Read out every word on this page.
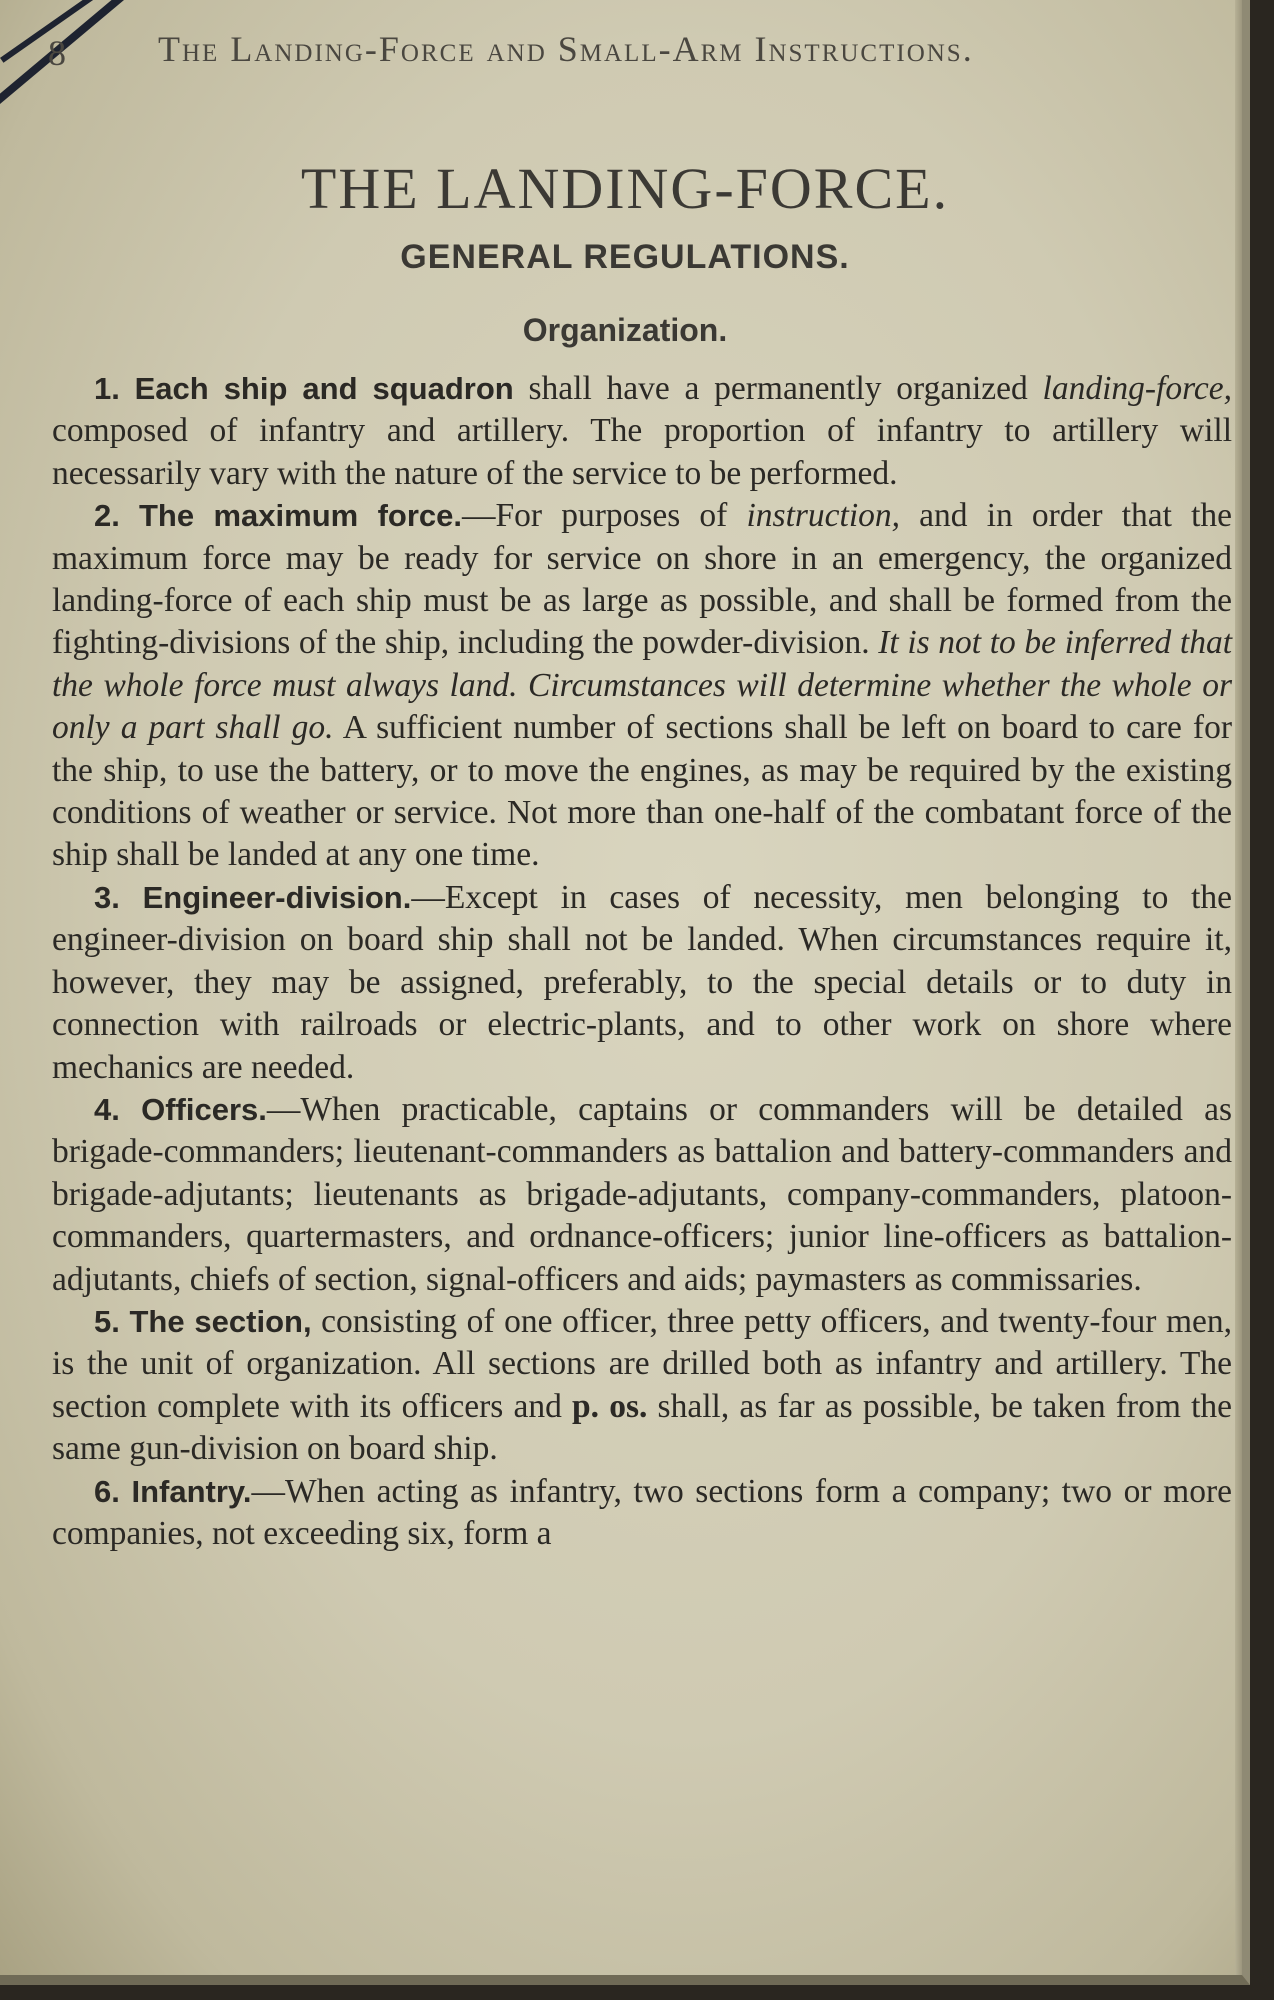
8	The Landing-Force and Small-Arm Instructions.
THE LANDING-FORCE.
GENERAL REGULATIONS.
Organization.

1. Each ship and squadron shall have a permanently organized landing-force, composed of infantry and artillery. The proportion of infantry to artillery will necessarily vary with the nature of the service to be performed.

2. The maximum force.—For purposes of instruction, and in order that the maximum force may be ready for service on shore in an emergency, the organized landing-force of each ship must be as large as possible, and shall be formed from the fighting-divisions of the ship, including the powder-division. It is not to be inferred that the whole force must always land. Circumstances will determine whether the whole or only a part shall go. A sufficient number of sections shall be left on board to care for the ship, to use the battery, or to move the engines, as may be required by the existing conditions of weather or service. Not more than one-half of the combatant force of the ship shall be landed at any one time.

3. Engineer-division.—Except in cases of necessity, men belonging to the engineer-division on board ship shall not be landed. When circumstances require it, however, they may be assigned, preferably, to the special details or to duty in connection with railroads or electric-plants, and to other work on shore where mechanics are needed.

4. Officers.—When practicable, captains or commanders will be detailed as brigade-commanders; lieutenant-commanders as battalion and battery-commanders and brigade-adjutants; lieutenants as brigade-adjutants, company-commanders, platoon-commanders, quartermasters, and ordnance-officers; junior line-officers as battalion-adjutants, chiefs of section, signal-officers and aids; paymasters as commissaries.

5. The section, consisting of one officer, three petty officers, and twenty-four men, is the unit of organization. All sections are drilled both as infantry and artillery. The section complete with its officers and p. os. shall, as far as possible, be taken from the same gun-division on board ship.

6. Infantry.—When acting as infantry, two sections form a company; two or more companies, not exceeding six, form a
